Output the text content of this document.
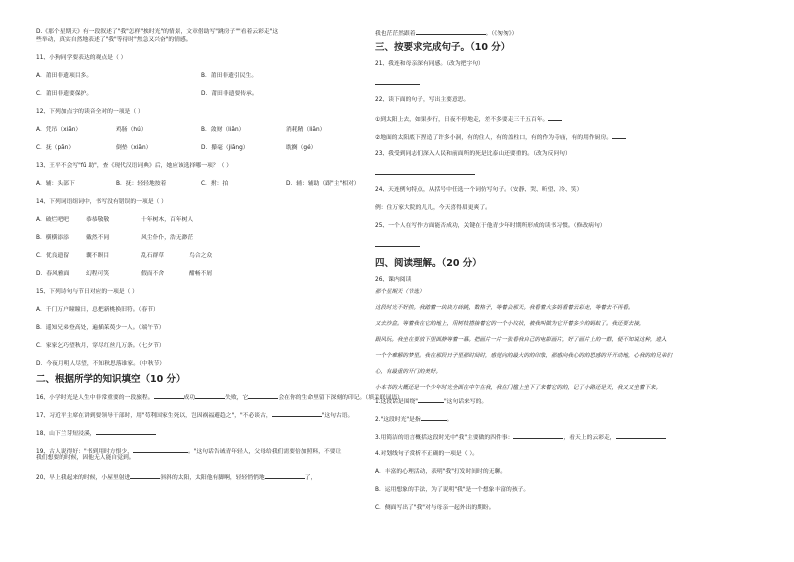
D.《那个星期天》有一段叙述了"我"怎样"挨时光"的情景，文章借助写"跳房子""看着云彩走"这
些举动，真实自然地表述了"我"等待时"焦急又兴奋"的情感。
11、小狗同学要表达的观点是（ ）
A．莆田非遗项目多。	B．莆田非遗引民生。
C．莆田非遗要保护。	D．莆田非遗要传承。
12、下列加点字的读音全对的一项是（ ）
A．凭吊（xiān）	鸡肠（hú）	B．敛财（liǎn）	消耗精（liān）
C．抚（pān）	倒垫（xiān）	D．攥毫（jiāng）	耽搁（gé）
13、王平不会写"fǔ 助"，查《现代汉语词典》后，她应该选择哪一项？（ ）
A．辅：头部下	B．抚：轻轻地按着	C．拊：拍	D．辅：辅助（跟"主"相对）
14、下列词语组词中，书写没有错误的一项是（ ）
A．破烂吧吧	恭恭敬敬	十年树木，百年树人
B．横横添添	戴然不同	风尘仆仆，浩无渺茫
C．优良遗留	囊不瞑目	乱石群草	鸟合之众
D．春风雅面	幻程可笑	假而不舍	酣畅不屑
15、下列诗句与节日对应的一项是（ ）
A．千门万户瞳瞳日，总把新桃换旧符。（春节）
B．遥知兄弟登高处，遍插茱萸少一人。（端午节）
C．家家乞巧望秋月，穿尽红丝几万条。（七夕节）
D．今夜月明人尽望，不知秋思落谁家。（中秋节）
二、根据所学的知识填空（10 分）
16、小学时光是人生中非常重要的一段旅程。	成功	失败，它	会在你的生命里留下深刻的印记。（填关联词语）
17、习近平主席在讲到要领导干部时，用"苟利国家生死以，岂因祸福避趋之"，"不必谈古，	"这句古语。
18、山下兰芽短浸溪，
19、古人说得好："书到用时方恨少，	。"这句话告诫青年轻人，父母给我们需要倍加照料，不要让
我们想要的时候，因他无人能自觉到。
20、早上我起来的时候，小屋里射进	斜斜的太阳，太阳他有脚啊，轻轻悄悄地	了，
我也茫茫然跟着	。（《匆匆》）
三、按要求完成句子。（10 分）
21、我连和母亲深有同感。（改为把字句）
22、读下面的句子，写出主要意思。
①到太阳上去，如果步行，日夜不停地走，差不多要走三千五百年。
②地面的太阳底下捏造了许多小洞，有的住人，有的盖柱口，有的作为寺庙，有的用作厨房。
23、我受到同志们深入人民和前面所的死是比泰山还要重的。（改为反问句）
24、天连例句特点，从括号中任选一个词仿写句子。（安静、哭、昕望、冷、笑）
例：住万家大院的儿儿，今天喜得眉更爽了。
25、一个人在写作方面能否成功，关键在于他青少年时期所形成的读书习惯。（修改病句）
四、阅读理解。（20 分）
26、课内阅读
那个星期天（节选）
这段时光不好挨。我踏着一块块方砖跳，数格子，等着会那天。我看着大多妈看着云彩走，等着去不再看。
又去沙盒。等着我在它的地上，用树枝搭接着它的一个小坟状，被我叫做为它开着多少的蚂蚁了。我还要去接，
跟风玩。我坐在要放下里面静等着一幕。把画片一片一张看我自己的电影画片，好了画片上的一群，便不知说这种，进入
一个个难解的梦里。我在那段日子里那时间时，感觉向的最大的的印象，那感向我心的的思感的开开动地，心我的的兄弟们
心，有最重的开门的美好。
小本书的大概还是一个少年时光全面在中午在我，我在门槛上坐下了来着它的的，记了小路还是天，我又又坐着下来。
1.这段话是围绕"	"这句话来写的。
2."这段时光"是指	。
3.用简洁的语言概括这段时光中"我"主要做的四件事：	，看天上的云彩走，
4.对划线句子赏析不正确的一项是（ ）。
A．丰富的心理活动，表明"我"打发时间时的无聊。
B．运用想象的手法，为了说明"我"是一个想象丰富的孩子。
C．侧面写出了"我"对与母亲一起外出的期盼。
